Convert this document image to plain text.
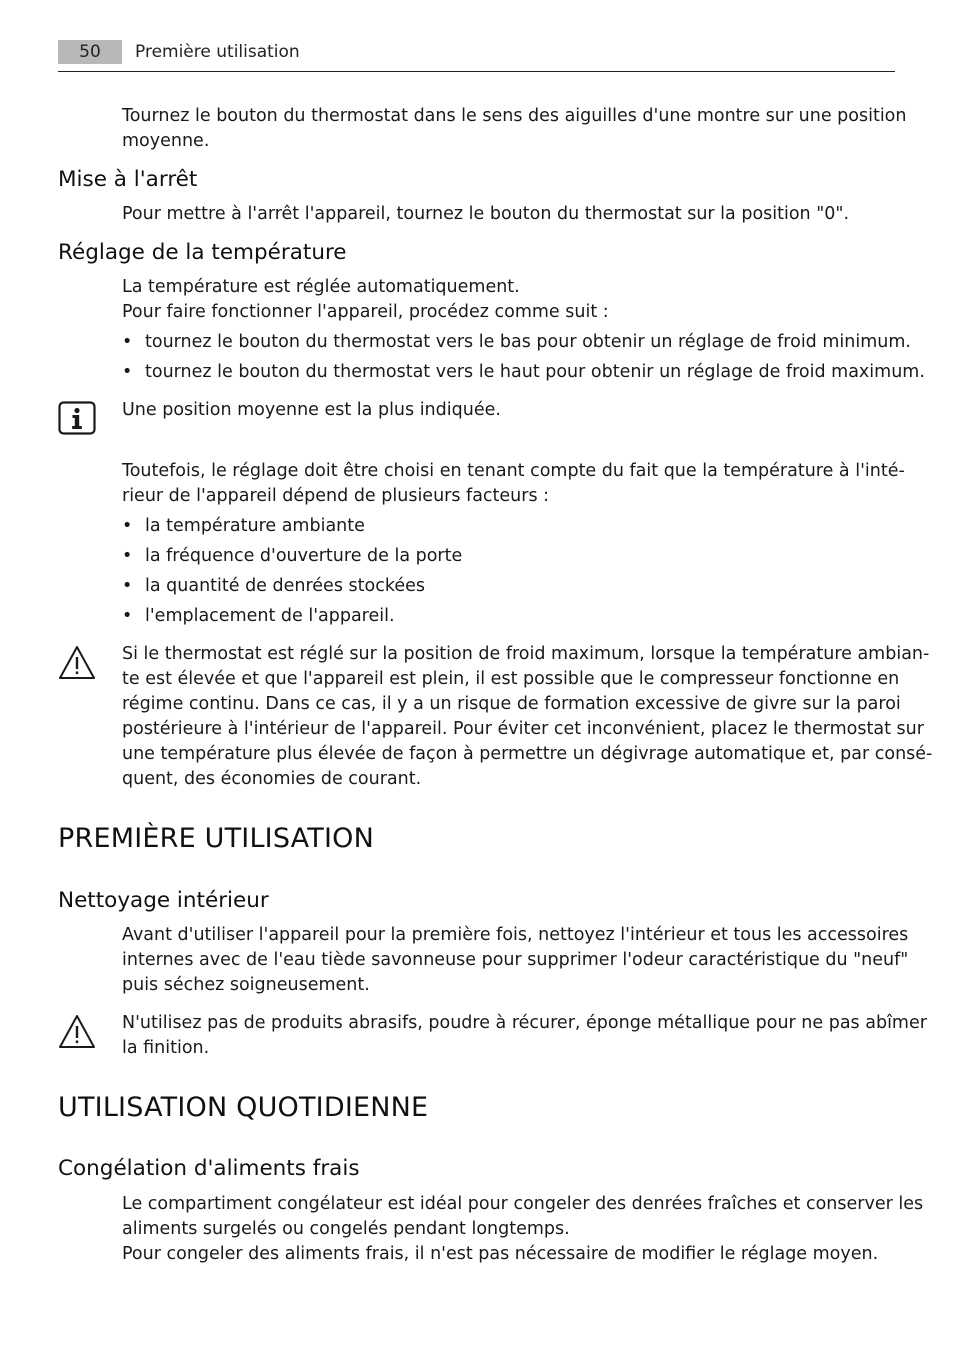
50	Première utilisation
Tournez le bouton du thermostat dans le sens des aiguilles d'une montre sur une position
moyenne.
Mise à l'arrêt
Pour mettre à l'arrêt l'appareil, tournez le bouton du thermostat sur la position "0".
Réglage de la température
La température est réglée automatiquement.
Pour faire fonctionner l'appareil, procédez comme suit :
• tournez le bouton du thermostat vers le bas pour obtenir un réglage de froid minimum.
• tournez le bouton du thermostat vers le haut pour obtenir un réglage de froid maximum.
Une position moyenne est la plus indiquée.
Toutefois, le réglage doit être choisi en tenant compte du fait que la température à l'inté-
rieur de l'appareil dépend de plusieurs facteurs :
• la température ambiante
• la fréquence d'ouverture de la porte
• la quantité de denrées stockées
• l'emplacement de l'appareil.
Si le thermostat est réglé sur la position de froid maximum, lorsque la température ambian-
te est élevée et que l'appareil est plein, il est possible que le compresseur fonctionne en
régime continu. Dans ce cas, il y a un risque de formation excessive de givre sur la paroi
postérieure à l'intérieur de l'appareil. Pour éviter cet inconvénient, placez le thermostat sur
une température plus élevée de façon à permettre un dégivrage automatique et, par consé-
quent, des économies de courant.
PREMIÈRE UTILISATION
Nettoyage intérieur
Avant d'utiliser l'appareil pour la première fois, nettoyez l'intérieur et tous les accessoires
internes avec de l'eau tiède savonneuse pour supprimer l'odeur caractéristique du "neuf"
puis séchez soigneusement.
N'utilisez pas de produits abrasifs, poudre à récurer, éponge métallique pour ne pas abîmer
la finition.
UTILISATION QUOTIDIENNE
Congélation d'aliments frais
Le compartiment congélateur est idéal pour congeler des denrées fraîches et conserver les
aliments surgelés ou congelés pendant longtemps.
Pour congeler des aliments frais, il n'est pas nécessaire de modifier le réglage moyen.
